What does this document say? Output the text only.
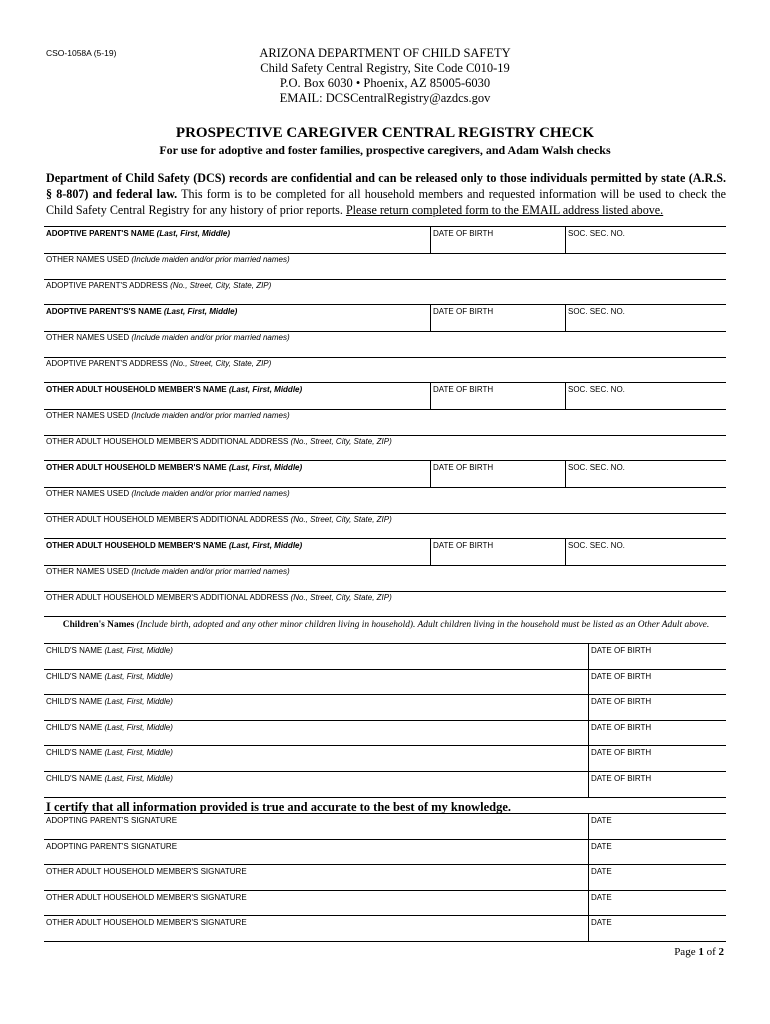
CSO-1058A (5-19)	ARIZONA DEPARTMENT OF CHILD SAFETY
Child Safety Central Registry, Site Code C010-19
P.O. Box 6030 • Phoenix, AZ 85005-6030
EMAIL: DCSCentralRegistry@azdcs.gov
PROSPECTIVE CAREGIVER CENTRAL REGISTRY CHECK
For use for adoptive and foster families, prospective caregivers, and Adam Walsh checks
Department of Child Safety (DCS) records are confidential and can be released only to those individuals permitted by state (A.R.S. § 8-807) and federal law. This form is to be completed for all household members and requested information will be used to check the Child Safety Central Registry for any history of prior reports. Please return completed form to the EMAIL address listed above.
ADOPTIVE PARENT'S NAME (Last, First, Middle)	DATE OF BIRTH	SOC. SEC. NO.
OTHER NAMES USED (Include maiden and/or prior married names)
ADOPTIVE PARENT'S ADDRESS (No., Street, City, State, ZIP)
ADOPTIVE PARENT'S'S NAME (Last, First, Middle)	DATE OF BIRTH	SOC. SEC. NO.
OTHER NAMES USED (Include maiden and/or prior married names)
ADOPTIVE PARENT'S ADDRESS (No., Street, City, State, ZIP)
OTHER ADULT HOUSEHOLD MEMBER'S NAME (Last, First, Middle)	DATE OF BIRTH	SOC. SEC. NO.
OTHER NAMES USED (Include maiden and/or prior married names)
OTHER ADULT HOUSEHOLD MEMBER'S ADDITIONAL ADDRESS (No., Street, City, State, ZIP)
OTHER ADULT HOUSEHOLD MEMBER'S NAME (Last, First, Middle)	DATE OF BIRTH	SOC. SEC. NO.
OTHER NAMES USED (Include maiden and/or prior married names)
OTHER ADULT HOUSEHOLD MEMBER'S ADDITIONAL ADDRESS (No., Street, City, State, ZIP)
OTHER ADULT HOUSEHOLD MEMBER'S NAME (Last, First, Middle)	DATE OF BIRTH	SOC. SEC. NO.
OTHER NAMES USED (Include maiden and/or prior married names)
OTHER ADULT HOUSEHOLD MEMBER'S ADDITIONAL ADDRESS (No., Street, City, State, ZIP)
Children's Names (Include birth, adopted and any other minor children living in household). Adult children living in the household must be listed as an Other Adult above.
CHILD'S NAME (Last, First, Middle)	DATE OF BIRTH
CHILD'S NAME (Last, First, Middle)	DATE OF BIRTH
CHILD'S NAME (Last, First, Middle)	DATE OF BIRTH
CHILD'S NAME (Last, First, Middle)	DATE OF BIRTH
CHILD'S NAME (Last, First, Middle)	DATE OF BIRTH
CHILD'S NAME (Last, First, Middle)	DATE OF BIRTH
I certify that all information provided is true and accurate to the best of my knowledge.
ADOPTING PARENT'S SIGNATURE	DATE
ADOPTING PARENT'S SIGNATURE	DATE
OTHER ADULT HOUSEHOLD MEMBER'S SIGNATURE	DATE
OTHER ADULT HOUSEHOLD MEMBER'S SIGNATURE	DATE
OTHER ADULT HOUSEHOLD MEMBER'S SIGNATURE	DATE
Page 1 of 2
